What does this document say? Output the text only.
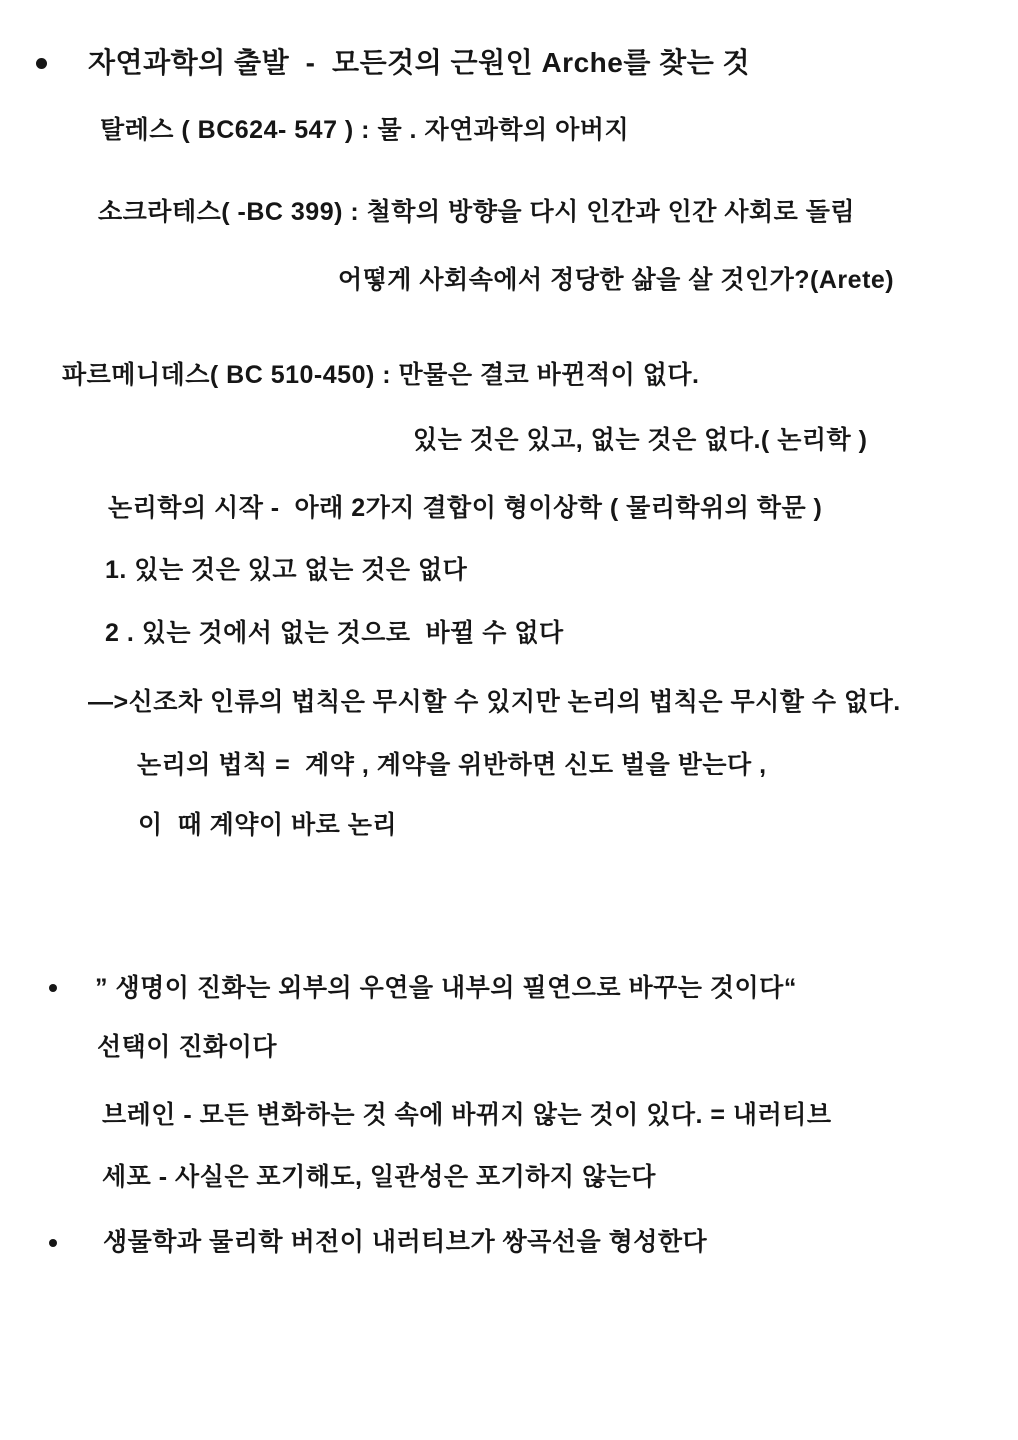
자연과학의 출발  -  모든것의 근원인 Arche를 찾는 것
탈레스 ( BC624- 547 ) : 물 . 자연과학의 아버지
소크라테스( -BC 399) : 철학의 방향을 다시 인간과 인간 사회로 돌림
어떻게 사회속에서 정당한 삶을 살 것인가?(Arete)
파르메니데스( BC 510-450) : 만물은 결코 바뀐적이 없다.
있는 것은 있고, 없는 것은 없다.( 논리학 )
논리학의 시작 -  아래 2가지 결합이 형이상학 ( 물리학위의 학문 )
1. 있는 것은 있고 없는 것은 없다
2 . 있는 것에서 없는 것으로  바뀔 수 없다
—>신조차 인류의 법칙은 무시할 수 있지만 논리의 법칙은 무시할 수 없다.
논리의 법칙 =  계약 , 계약을 위반하면 신도 벌을 받는다 ,
이  때 계약이 바로 논리
” 생명이 진화는 외부의 우연을 내부의 필연으로 바꾸는 것이다“
선택이 진화이다
브레인 - 모든 변화하는 것 속에 바뀌지 않는 것이 있다. = 내러티브
세포 - 사실은 포기해도, 일관성은 포기하지 않는다
생물학과 물리학 버전이 내러티브가 쌍곡선을 형성한다
